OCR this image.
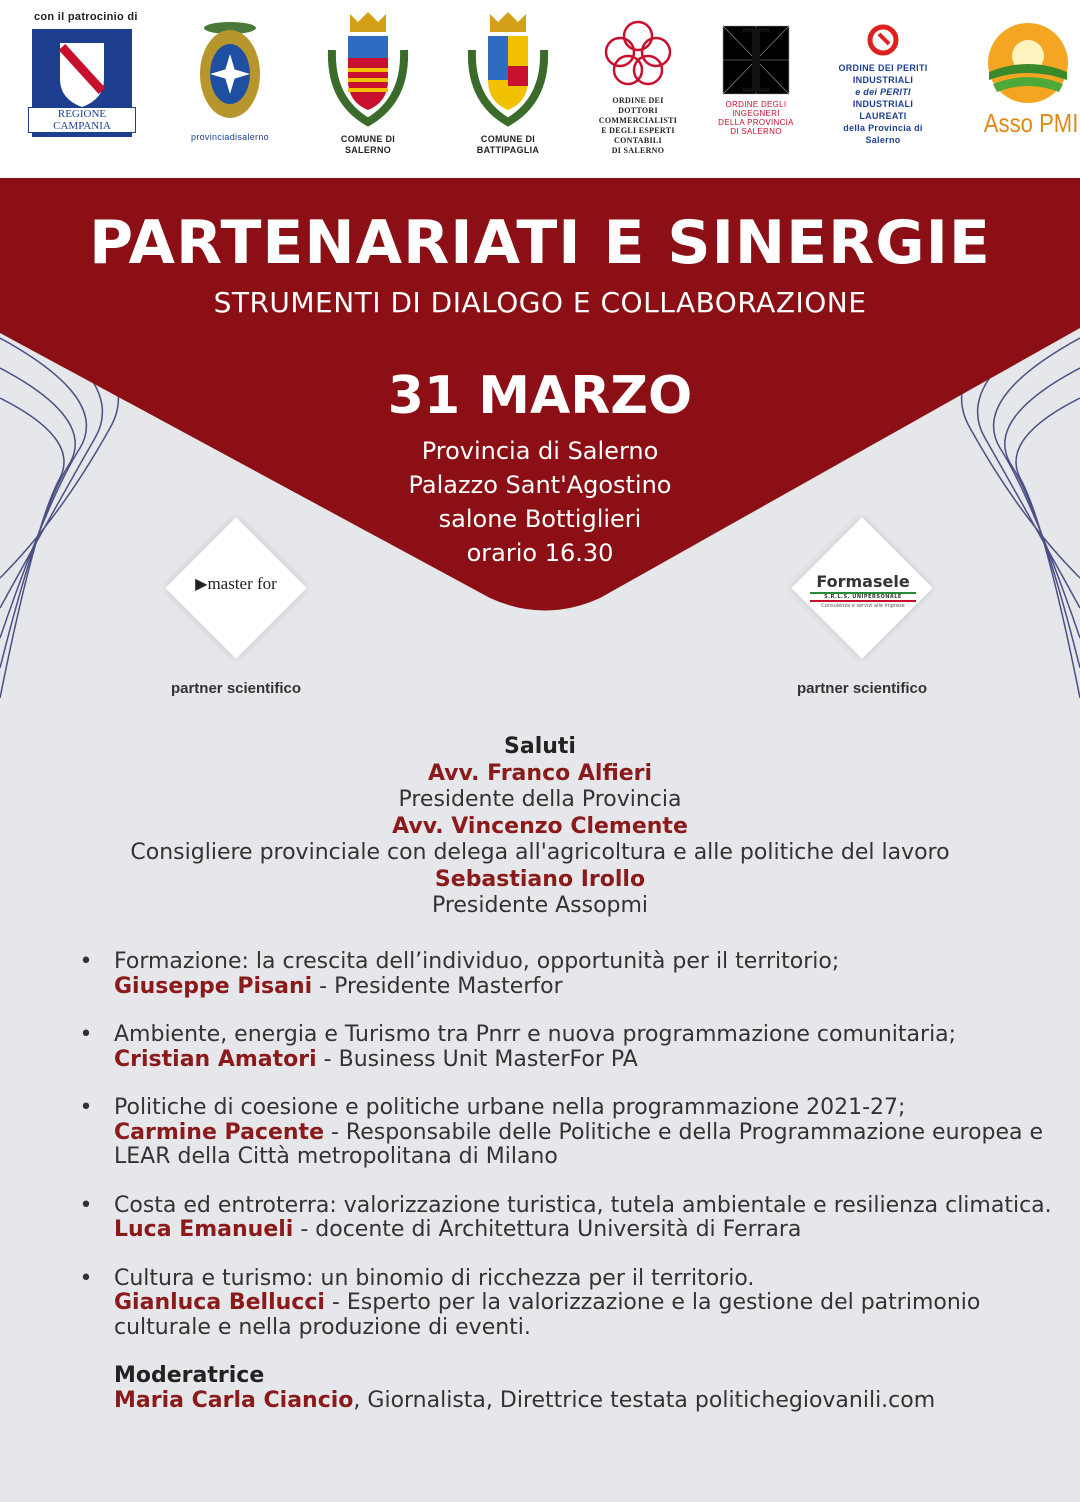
con il patrocinio di
REGIONE CAMPANIA
provinciadisalerno	COMUNE DI
SALERNO
COMUNE DI
BATTIPAGLIA
ORDINE DEI
DOTTORI
COMMERCIALISTI
E DEGLI ESPERTI
CONTABILI
DI SALERNO
ORDINE DEGLI
INGEGNERI
DELLA PROVINCIA
DI SALERNO
ORDINE DEI PERITI
INDUSTRIALI
e dei PERITI
INDUSTRIALI
LAUREATI
della Provincia di
Salerno
Asso PMI
PARTENARIATI E SINERGIE
STRUMENTI DI DIALOGO E COLLABORAZIONE
31 MARZO
Provincia di Salerno
Palazzo Sant'Agostino
salone Bottiglieri
orario 16.30
▶master for
partner scientifico
Formasele
S.R.L.S. UNIPERSONALE
Consulenza e servizi alle imprese
partner scientifico
Saluti
Avv. Franco Alfieri
Presidente della Provincia
Avv. Vincenzo Clemente
Consigliere provinciale con delega all'agricoltura e alle politiche del lavoro
Sebastiano Irollo
Presidente Assopmi
• Formazione: la crescita dell’individuo, opportunità per il territorio;
Giuseppe Pisani - Presidente Masterfor
• Ambiente, energia e Turismo tra Pnrr e nuova programmazione comunitaria;
Cristian Amatori - Business Unit MasterFor PA
• Politiche di coesione e politiche urbane nella programmazione 2021-27;
Carmine Pacente - Responsabile delle Politiche e della Programmazione europea e LEAR della Città metropolitana di Milano
• Costa ed entroterra: valorizzazione turistica, tutela ambientale e resilienza climatica.
Luca Emanueli - docente di Architettura Università di Ferrara
• Cultura e turismo: un binomio di ricchezza per il territorio.
Gianluca Bellucci - Esperto per la valorizzazione e la gestione del patrimonio culturale e nella produzione di eventi.
Moderatrice
Maria Carla Ciancio, Giornalista, Direttrice testata politichegiovanili.com
